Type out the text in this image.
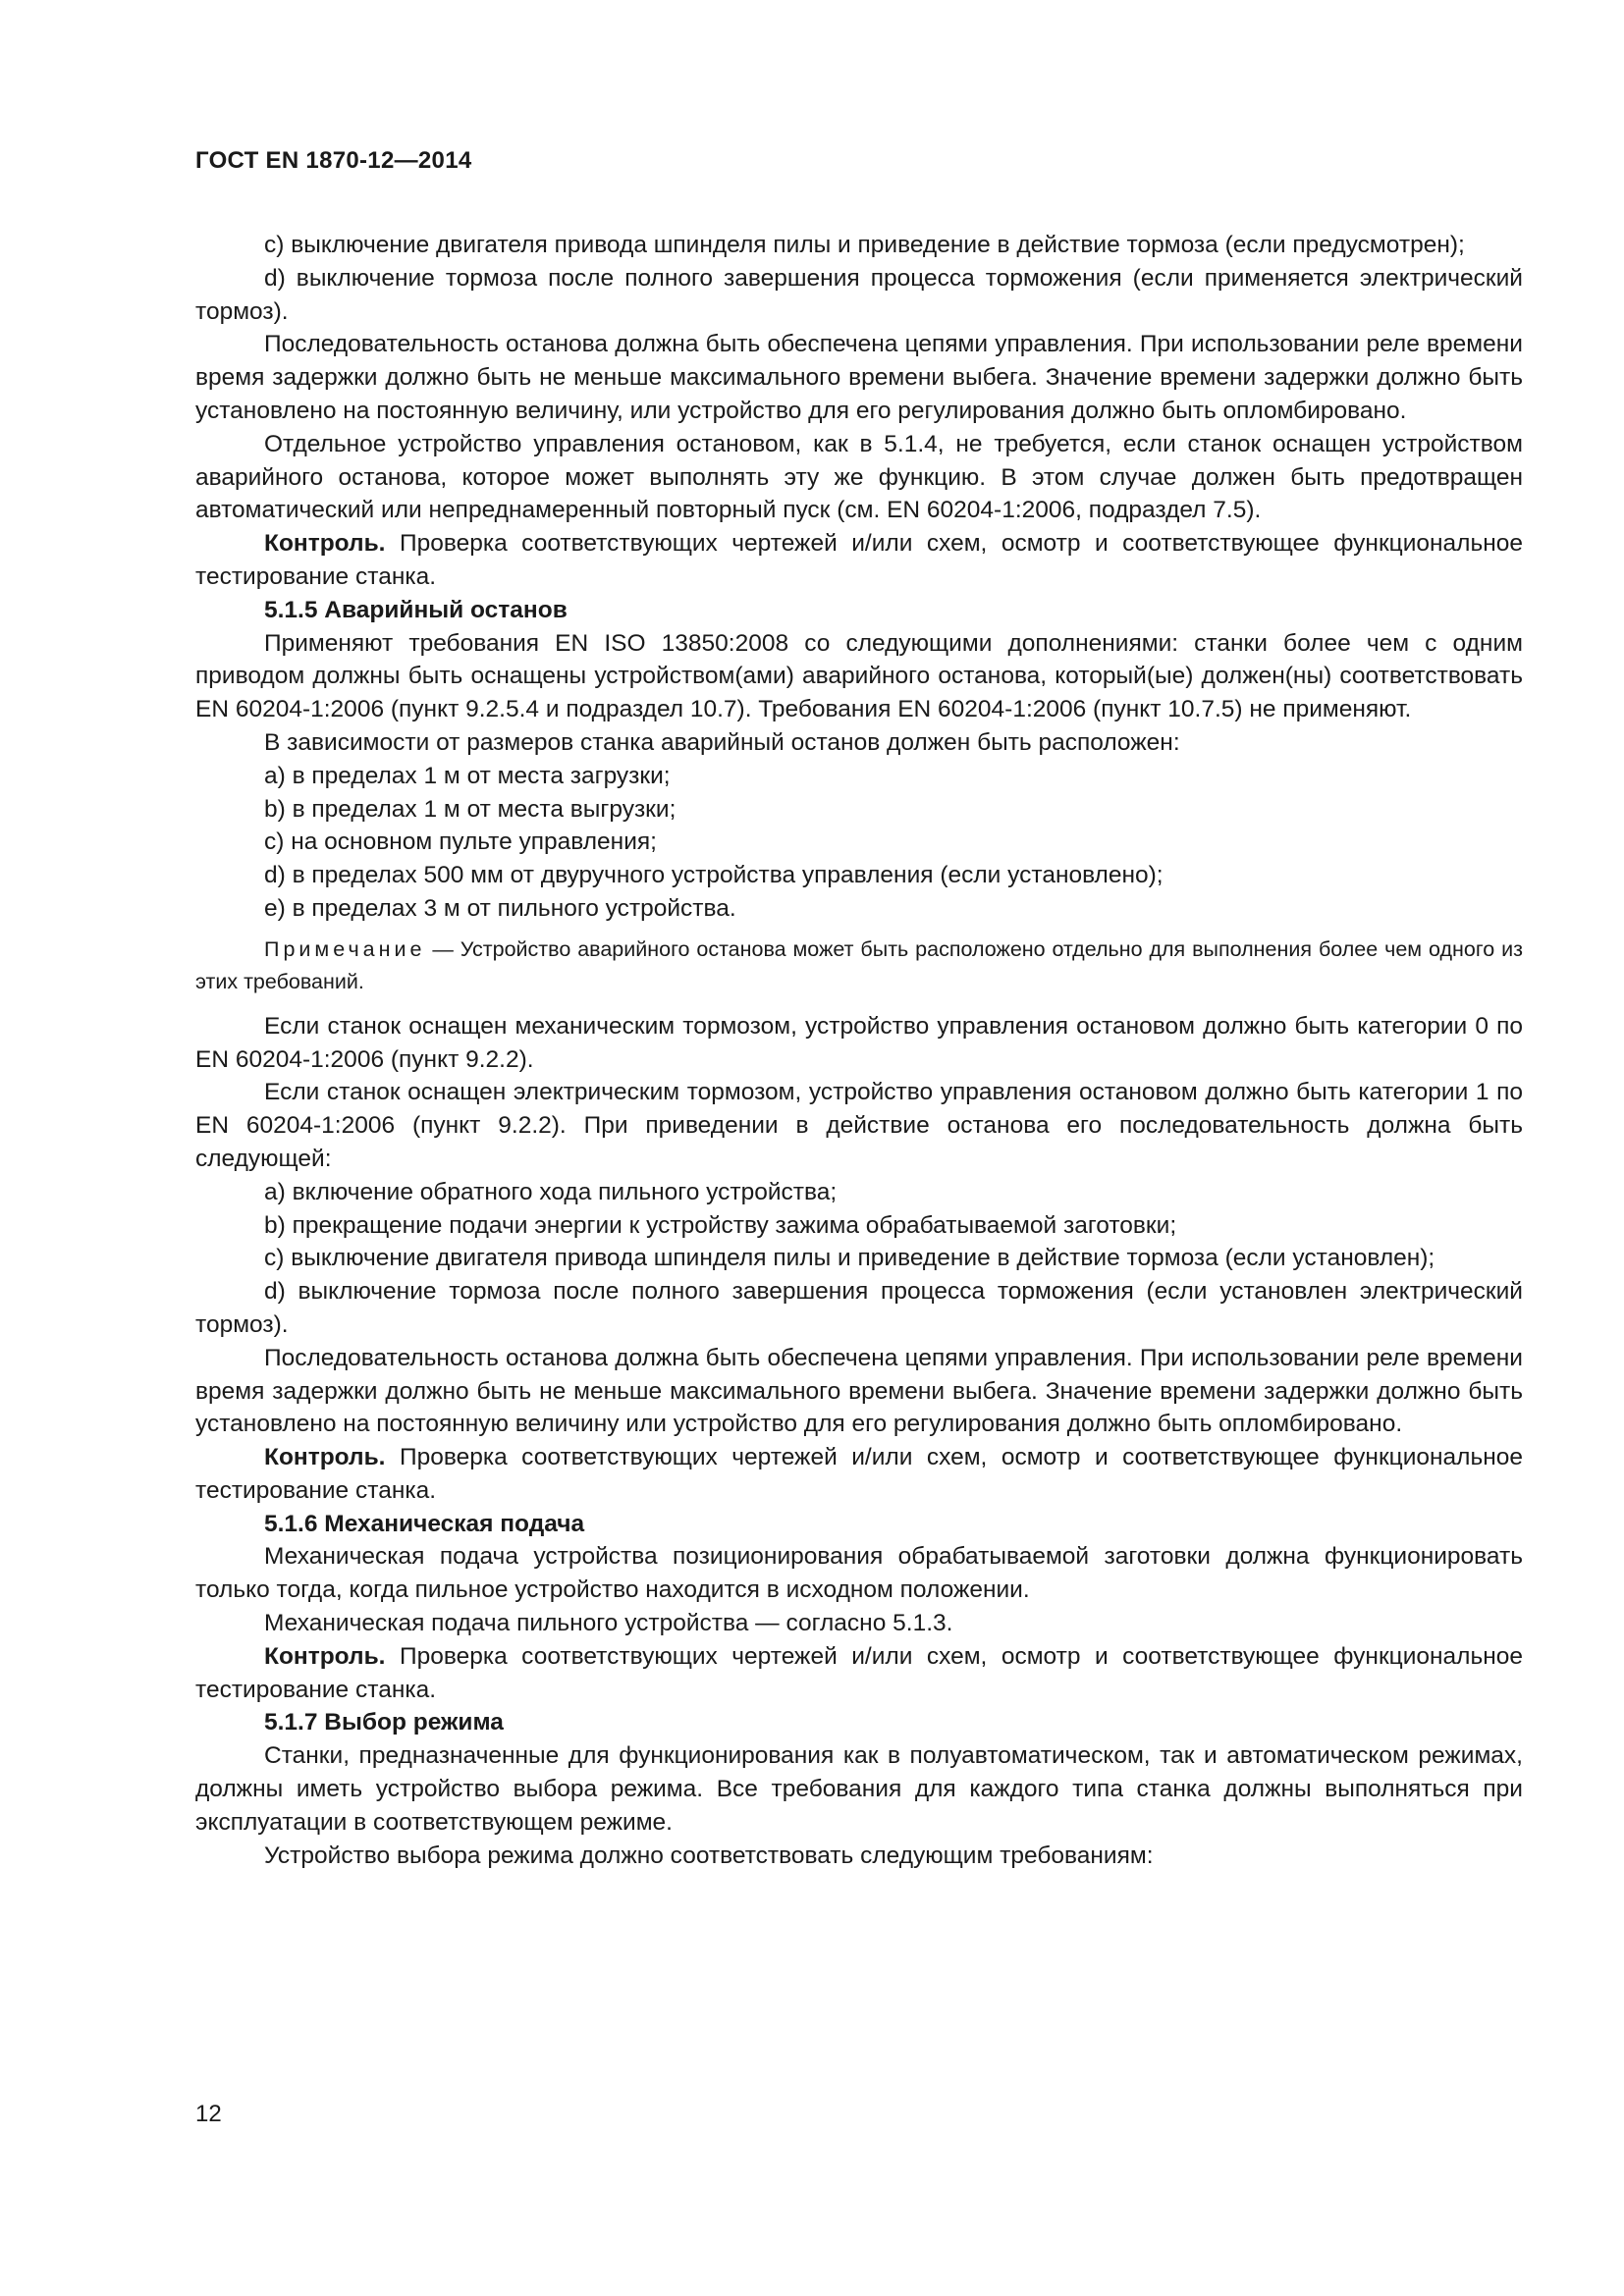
ГОСТ EN 1870-12—2014

c) выключение двигателя привода шпинделя пилы и приведение в действие тормоза (если предусмотрен);

d) выключение тормоза после полного завершения процесса торможения (если применяется электрический тормоз).

Последовательность останова должна быть обеспечена цепями управления. При использовании реле времени время задержки должно быть не меньше максимального времени выбега. Значение времени задержки должно быть установлено на постоянную величину, или устройство для его регулирования должно быть опломбировано.

Отдельное устройство управления остановом, как в 5.1.4, не требуется, если станок оснащен устройством аварийного останова, которое может выполнять эту же функцию. В этом случае должен быть предотвращен автоматический или непреднамеренный повторный пуск (см. EN 60204-1:2006, подраздел 7.5).

Контроль. Проверка соответствующих чертежей и/или схем, осмотр и соответствующее функциональное тестирование станка.

5.1.5 Аварийный останов

Применяют требования EN ISO 13850:2008 со следующими дополнениями: станки более чем с одним приводом должны быть оснащены устройством(ами) аварийного останова, который(ые) должен(ны) соответствовать EN 60204-1:2006 (пункт 9.2.5.4 и подраздел 10.7). Требования EN 60204-1:2006 (пункт 10.7.5) не применяют.

В зависимости от размеров станка аварийный останов должен быть расположен:

a) в пределах 1 м от места загрузки;

b) в пределах 1 м от места выгрузки;

c) на основном пульте управления;

d) в пределах 500 мм от двуручного устройства управления (если установлено);

e) в пределах 3 м от пильного устройства.

Примечание — Устройство аварийного останова может быть расположено отдельно для выполнения более чем одного из этих требований.

Если станок оснащен механическим тормозом, устройство управления остановом должно быть категории 0 по EN 60204-1:2006 (пункт 9.2.2).

Если станок оснащен электрическим тормозом, устройство управления остановом должно быть категории 1 по EN 60204-1:2006 (пункт 9.2.2). При приведении в действие останова его последовательность должна быть следующей:

a) включение обратного хода пильного устройства;

b) прекращение подачи энергии к устройству зажима обрабатываемой заготовки;

c) выключение двигателя привода шпинделя пилы и приведение в действие тормоза (если установлен);

d) выключение тормоза после полного завершения процесса торможения (если установлен электрический тормоз).

Последовательность останова должна быть обеспечена цепями управления. При использовании реле времени время задержки должно быть не меньше максимального времени выбега. Значение времени задержки должно быть установлено на постоянную величину или устройство для его регулирования должно быть опломбировано.

Контроль. Проверка соответствующих чертежей и/или схем, осмотр и соответствующее функциональное тестирование станка.

5.1.6 Механическая подача

Механическая подача устройства позиционирования обрабатываемой заготовки должна функционировать только тогда, когда пильное устройство находится в исходном положении.

Механическая подача пильного устройства — согласно 5.1.3.

Контроль. Проверка соответствующих чертежей и/или схем, осмотр и соответствующее функциональное тестирование станка.

5.1.7 Выбор режима

Станки, предназначенные для функционирования как в полуавтоматическом, так и автоматическом режимах, должны иметь устройство выбора режима. Все требования для каждого типа станка должны выполняться при эксплуатации в соответствующем режиме.

Устройство выбора режима должно соответствовать следующим требованиям:

12
